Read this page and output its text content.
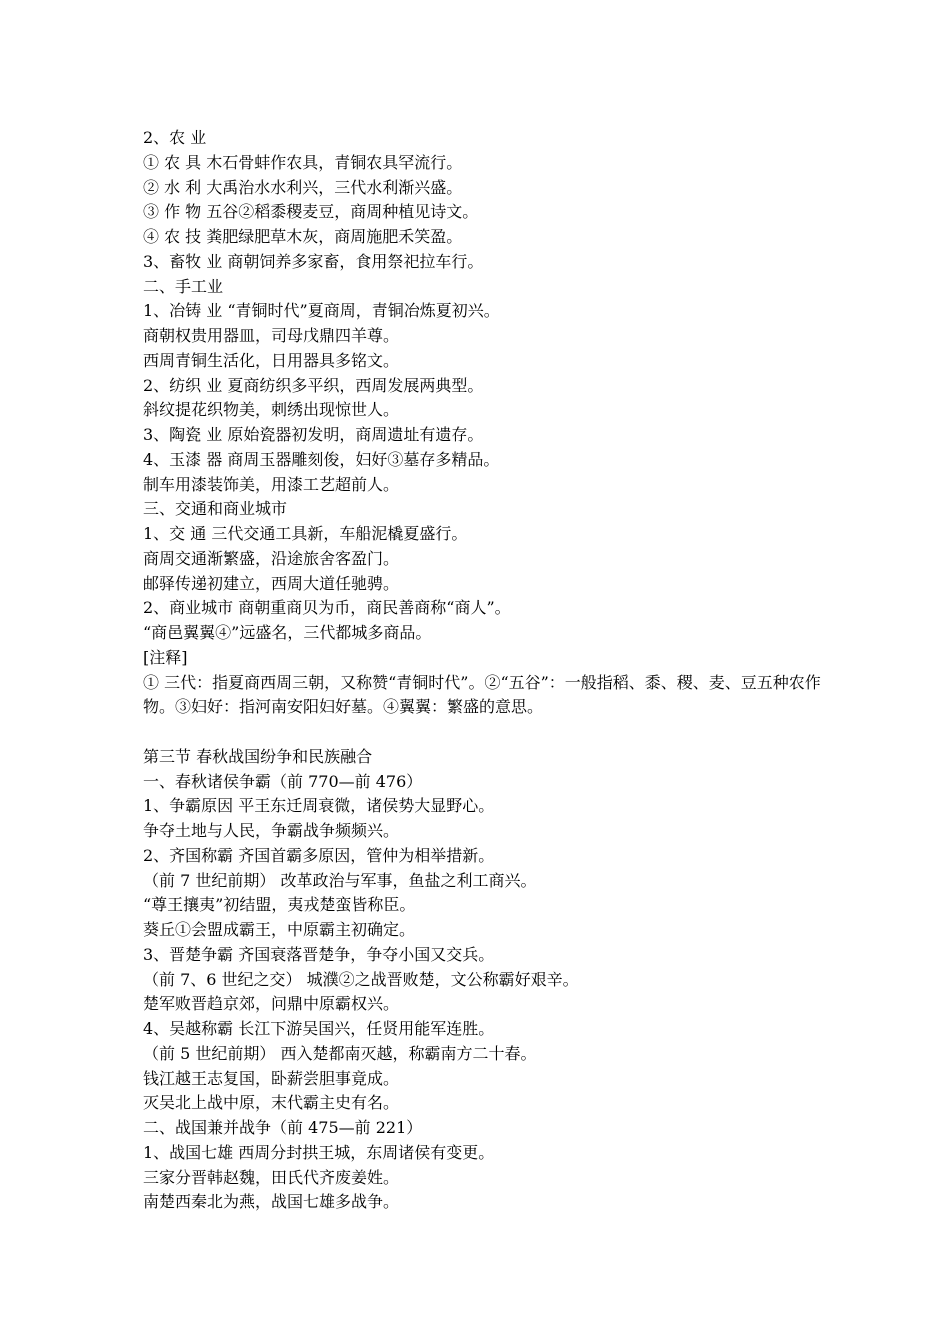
2、农 业
① 农 具 木石骨蚌作农具，青铜农具罕流行。
② 水 利 大禹治水水利兴，三代水利渐兴盛。
③ 作 物 五谷②稻黍稷麦豆，商周种植见诗文。
④ 农 技 粪肥绿肥草木灰，商周施肥禾笑盈。
3、畜牧 业 商朝饲养多家畜，食用祭祀拉车行。
二、手工业
1、冶铸 业 “青铜时代”夏商周，青铜冶炼夏初兴。
商朝权贵用器皿，司母戊鼎四羊尊。
西周青铜生活化，日用器具多铭文。
2、纺织 业 夏商纺织多平织，西周发展两典型。
斜纹提花织物美，刺绣出现惊世人。
3、陶瓷 业 原始瓷器初发明，商周遗址有遗存。
4、玉漆 器 商周玉器雕刻俊，妇好③墓存多精品。
制车用漆装饰美，用漆工艺超前人。
三、交通和商业城市
1、交 通 三代交通工具新，车船泥橇夏盛行。
商周交通渐繁盛，沿途旅舍客盈门。
邮驿传递初建立，西周大道任驰骋。
2、商业城市 商朝重商贝为币，商民善商称“商人”。
“商邑翼翼④”远盛名，三代都城多商品。
[注释]
① 三代：指夏商西周三朝，又称赞“青铜时代”。②“五谷”：一般指稻、黍、稷、麦、豆五种农作物。③妇好：指河南安阳妇好墓。④翼翼：繁盛的意思。
第三节 春秋战国纷争和民族融合
一、春秋诸侯争霸（前 770—前 476）
1、争霸原因 平王东迁周衰微，诸侯势大显野心。
争夺土地与人民，争霸战争频频兴。
2、齐国称霸 齐国首霸多原因，管仲为相举措新。
（前 7 世纪前期） 改革政治与军事，鱼盐之利工商兴。
“尊王攘夷”初结盟，夷戎楚蛮皆称臣。
葵丘①会盟成霸王，中原霸主初确定。
3、晋楚争霸 齐国衰落晋楚争，争夺小国又交兵。
（前 7、6 世纪之交） 城濮②之战晋败楚，文公称霸好艰辛。
楚军败晋趋京郊，问鼎中原霸权兴。
4、吴越称霸 长江下游吴国兴，任贤用能军连胜。
（前 5 世纪前期） 西入楚都南灭越，称霸南方二十春。
钱江越王志复国，卧薪尝胆事竟成。
灭吴北上战中原，末代霸主史有名。
二、战国兼并战争（前 475—前 221）
1、战国七雄 西周分封拱王城，东周诸侯有变更。
三家分晋韩赵魏，田氏代齐废姜姓。
南楚西秦北为燕，战国七雄多战争。
